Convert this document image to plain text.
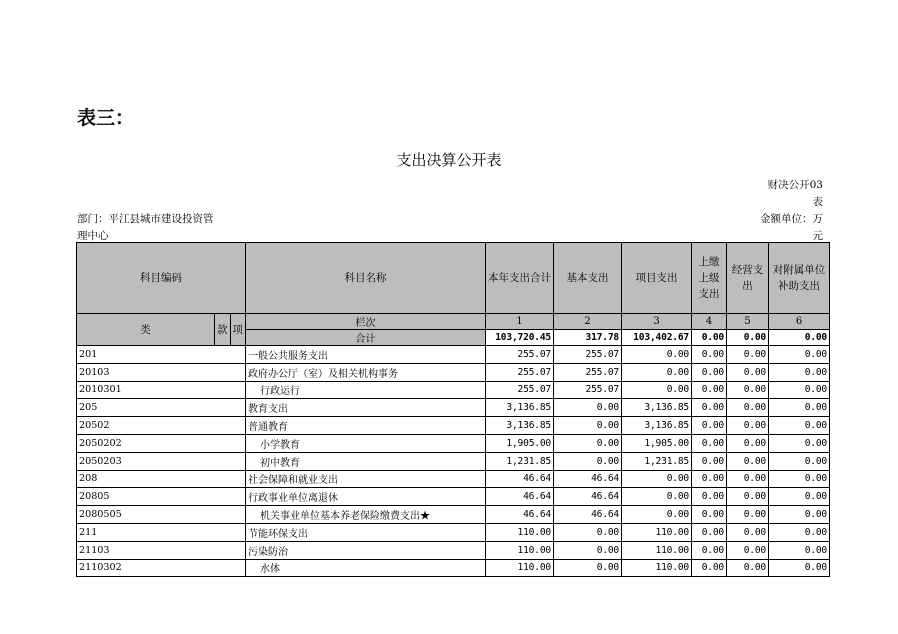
表三：
支出决算公开表
财决公开03
表
部门：平江县城市建设投资管
理中心
金额单位：万
元
科目编码			科目名称	本年支出合计	基本支出	项目支出	上缴上级支出	经营支出	对附属单位补助支出
类	款	项	栏次	1	2	3	4	5	6
			合计	103,720.45	317.78	103,402.67	0.00	0.00	0.00
201			一般公共服务支出	255.07	255.07	0.00	0.00	0.00	0.00
20103			政府办公厅（室）及相关机构事务	255.07	255.07	0.00	0.00	0.00	0.00
2010301			行政运行	255.07	255.07	0.00	0.00	0.00	0.00
205			教育支出	3,136.85	0.00	3,136.85	0.00	0.00	0.00
20502			普通教育	3,136.85	0.00	3,136.85	0.00	0.00	0.00
2050202			小学教育	1,905.00	0.00	1,905.00	0.00	0.00	0.00
2050203			初中教育	1,231.85	0.00	1,231.85	0.00	0.00	0.00
208			社会保障和就业支出	46.64	46.64	0.00	0.00	0.00	0.00
20805			行政事业单位离退休	46.64	46.64	0.00	0.00	0.00	0.00
2080505			机关事业单位基本养老保险缴费支出★	46.64	46.64	0.00	0.00	0.00	0.00
211			节能环保支出	110.00	0.00	110.00	0.00	0.00	0.00
21103			污染防治	110.00	0.00	110.00	0.00	0.00	0.00
2110302			水体	110.00	0.00	110.00	0.00	0.00	0.00
